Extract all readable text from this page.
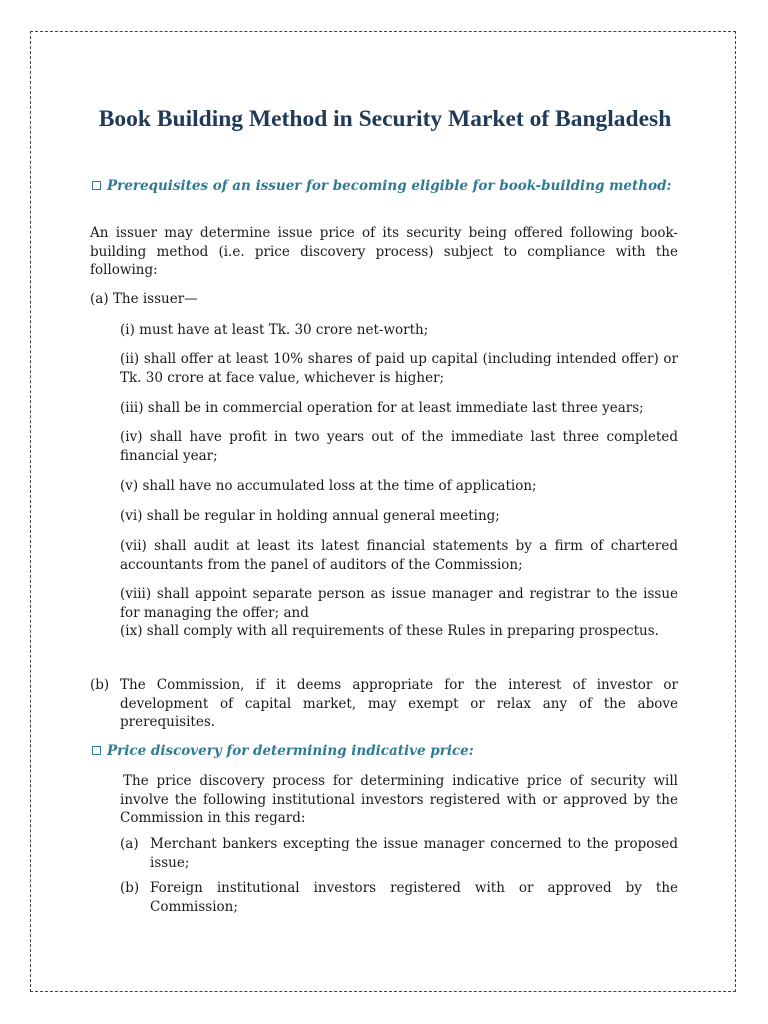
Book Building Method in Security Market of Bangladesh
Prerequisites of an issuer for becoming eligible for book-building method:

An issuer may determine issue price of its security being offered following book-building method (i.e. price discovery process) subject to compliance with the following:

(a) The issuer—

(i) must have at least Tk. 30 crore net-worth;

(ii) shall offer at least 10% shares of paid up capital (including intended offer) or Tk. 30 crore at face value, whichever is higher;

(iii) shall be in commercial operation for at least immediate last three years;

(iv) shall have profit in two years out of the immediate last three completed financial year;

(v) shall have no accumulated loss at the time of application;

(vi) shall be regular in holding annual general meeting;

(vii) shall audit at least its latest financial statements by a firm of chartered accountants from the panel of auditors of the Commission;

(viii) shall appoint separate person as issue manager and registrar to the issue for managing the offer; and

(ix) shall comply with all requirements of these Rules in preparing prospectus.

(b) The Commission, if it deems appropriate for the interest of investor or development of capital market, may exempt or relax any of the above prerequisites.
Price discovery for determining indicative price:

The price discovery process for determining indicative price of security will involve the following institutional investors registered with or approved by the Commission in this regard:

(a) Merchant bankers excepting the issue manager concerned to the proposed issue;
(b) Foreign institutional investors registered with or approved by the Commission;
